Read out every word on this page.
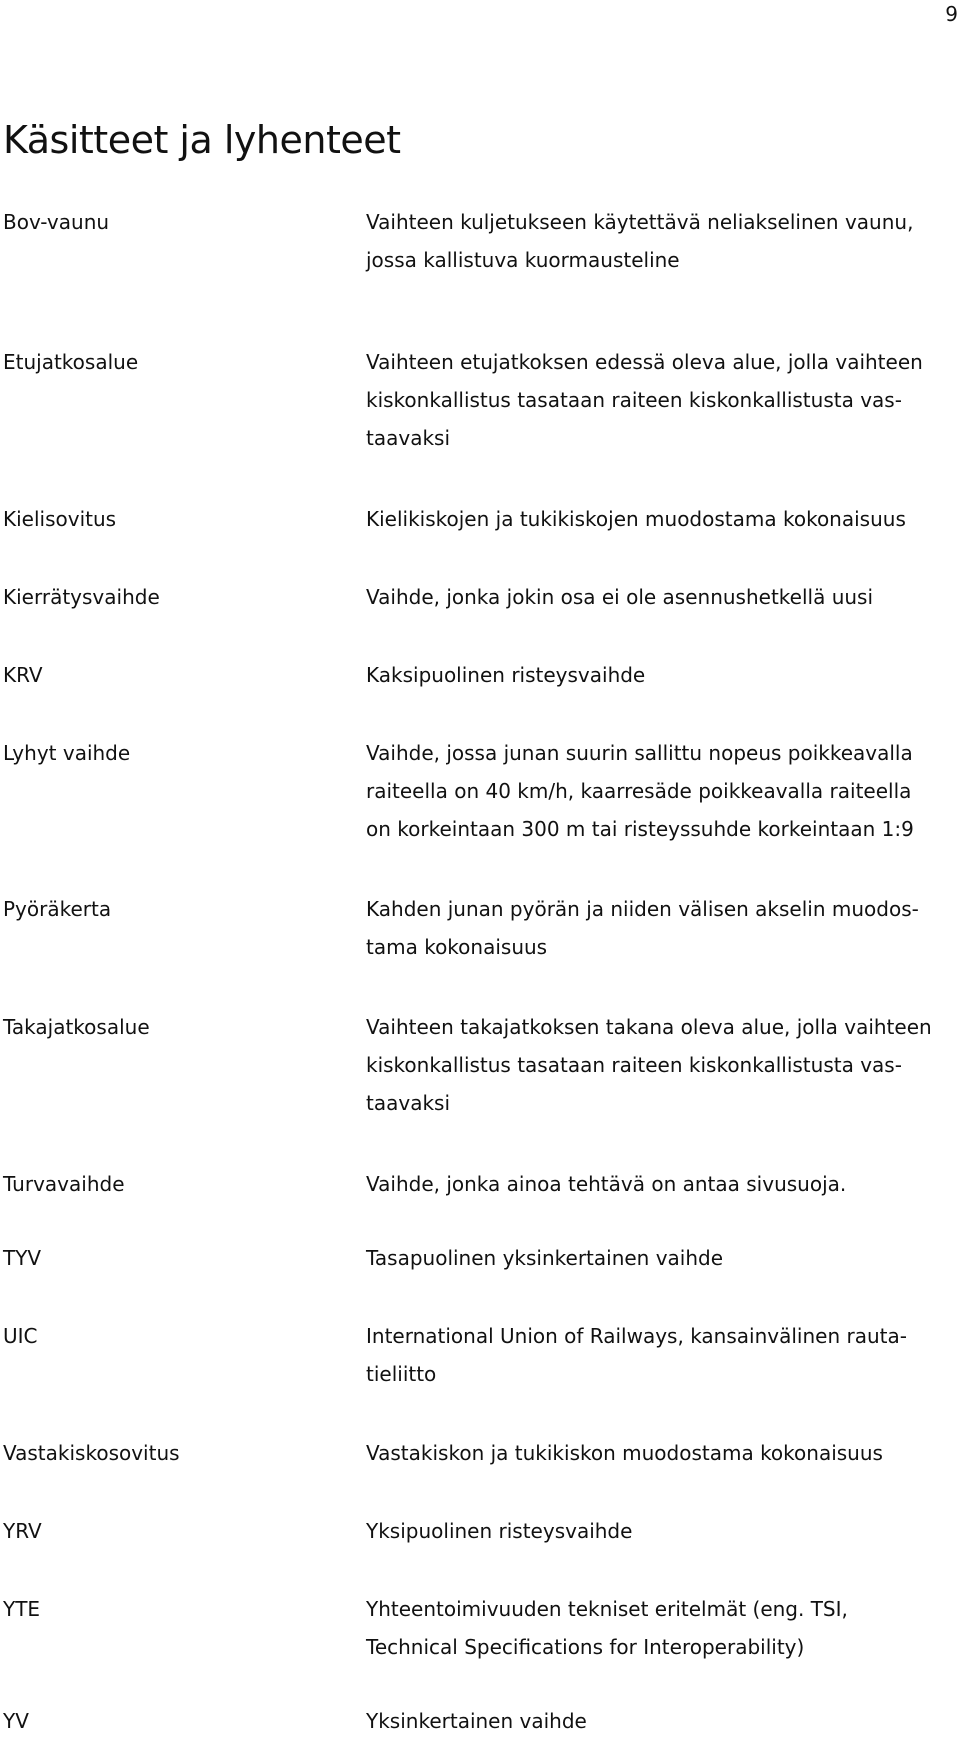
9
Käsitteet ja lyhenteet
Bov-vaunu	Vaihteen kuljetukseen käytettävä neliakselinen vaunu,
jossa kallistuva kuormausteline
Etujatkosalue	Vaihteen etujatkoksen edessä oleva alue, jolla vaihteen
kiskonkallistus tasataan raiteen kiskonkallistusta vas-
taavaksi
Kielisovitus	Kielikiskojen ja tukikiskojen muodostama kokonaisuus
Kierrätysvaihde	Vaihde, jonka jokin osa ei ole asennushetkellä uusi
KRV	Kaksipuolinen risteysvaihde
Lyhyt vaihde	Vaihde, jossa junan suurin sallittu nopeus poikkeavalla
raiteella on 40 km/h, kaarresäde poikkeavalla raiteella
on korkeintaan 300 m tai risteyssuhde korkeintaan 1:9
Pyöräkerta	Kahden junan pyörän ja niiden välisen akselin muodos-
tama kokonaisuus
Takajatkosalue	Vaihteen takajatkoksen takana oleva alue, jolla vaihteen
kiskonkallistus tasataan raiteen kiskonkallistusta vas-
taavaksi
Turvavaihde	Vaihde, jonka ainoa tehtävä on antaa sivusuoja.
TYV	Tasapuolinen yksinkertainen vaihde
UIC	International Union of Railways, kansainvälinen rauta-
tieliitto
Vastakiskosovitus	Vastakiskon ja tukikiskon muodostama kokonaisuus
YRV	Yksipuolinen risteysvaihde
YTE	Yhteentoimivuuden tekniset eritelmät (eng. TSI,
Technical Specifications for Interoperability)
YV	Yksinkertainen vaihde
